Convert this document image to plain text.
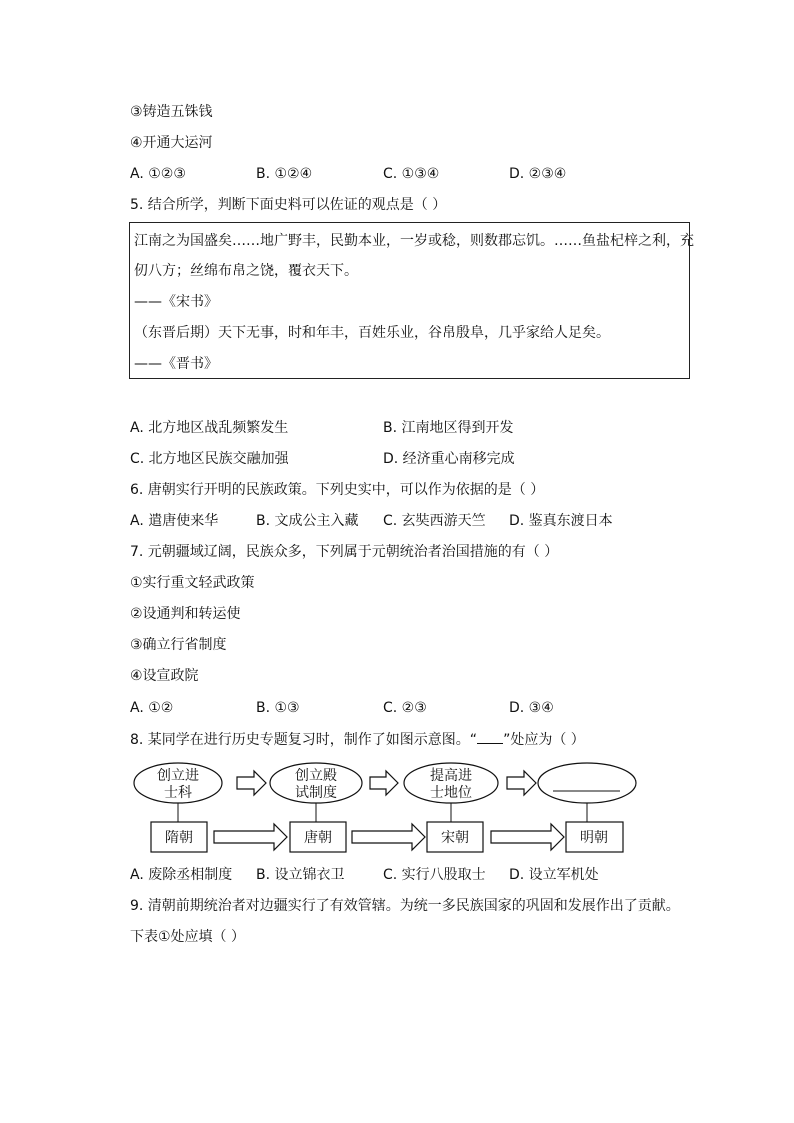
③铸造五铢钱
④开通大运河
A. ①②③	B. ①②④	C. ①③④	D. ②③④
5. 结合所学，判断下面史料可以佐证的观点是（ ）
江南之为国盛矣……地广野丰，民勤本业，一岁或稔，则数郡忘饥。……鱼盐杞梓之利，充
仞八方；丝绵布帛之饶，覆衣天下。
——《宋书》
（东晋后期）天下无事，时和年丰，百姓乐业，谷帛殷阜，几乎家给人足矣。
——《晋书》
A. 北方地区战乱频繁发生	B. 江南地区得到开发
C. 北方地区民族交融加强	D. 经济重心南移完成
6. 唐朝实行开明的民族政策。下列史实中，可以作为依据的是（ ）
A. 遣唐使来华	B. 文成公主入藏 C. 玄奘西游天竺 D. 鉴真东渡日本
7. 元朝疆域辽阔，民族众多，下列属于元朝统治者治国措施的有（ ）
①实行重文轻武政策
②设通判和转运使
③确立行省制度
④设宣政院
A. ①②	B. ①③	C. ②③	D. ③④
8. 某同学在进行历史专题复习时，制作了如图示意图。“ ”处应为（ ）
创立进
士科
创立殿
试制度
提高进
士地位
隋朝	唐朝	宋朝	明朝
A. 废除丞相制度 B. 设立锦衣卫	C. 实行八股取士 D. 设立军机处
9. 清朝前期统治者对边疆实行了有效管辖。为统一多民族国家的巩固和发展作出了贡献。
下表①处应填（ ）
